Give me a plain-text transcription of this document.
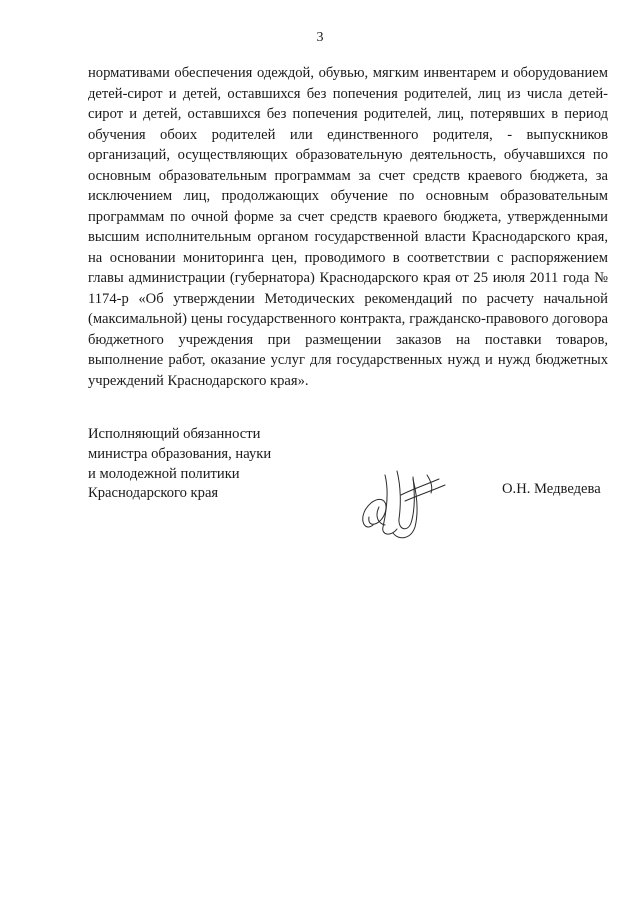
3

нормативами обеспечения одеждой, обувью, мягким инвентарем и оборудованием детей-сирот и детей, оставшихся без попечения родителей, лиц из числа детей-сирот и детей, оставшихся без попечения родителей, лиц, потерявших в период обучения обоих родителей или единственного родителя, - выпускников организаций, осуществляющих образовательную деятельность, обучавшихся по основным образовательным программам за счет средств краевого бюджета, за исключением лиц, продолжающих обучение по основным образовательным программам по очной форме за счет средств краевого бюджета, утвержденными высшим исполнительным органом государственной власти Краснодарского края, на основании мониторинга цен, проводимого в соответствии с распоряжением главы администрации (губернатора) Краснодарского края от 25 июля 2011 года № 1174-р «Об утверждении Методических рекомендаций по расчету начальной (максимальной) цены государственного контракта, гражданско-правового договора бюджетного учреждения при размещении заказов на поставки товаров, выполнение работ, оказание услуг для государственных нужд и нужд бюджетных учреждений Краснодарского края».

Исполняющий обязанности
министра образования, науки
и молодежной политики
Краснодарского края	О.Н. Медведева
